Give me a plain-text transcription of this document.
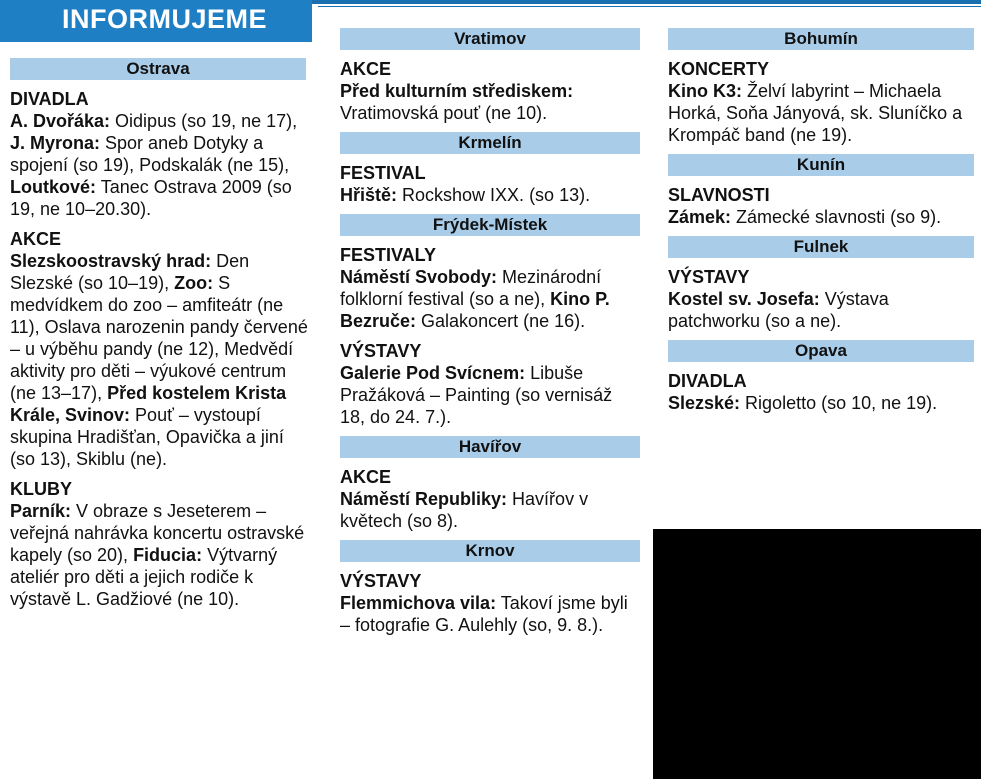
INFORMUJEME
Ostrava
DIVADLA
A. Dvořáka: Oidipus (so 19, ne 17), J. Myrona: Spor aneb Dotyky a spojení (so 19), Podskalák (ne 15), Loutkové: Tanec Ostrava 2009 (so 19, ne 10–20.30).
AKCE
Slezskoostravský hrad: Den Slezské (so 10–19), Zoo: S medvídkem do zoo – amfiteátr (ne 11), Oslava narozenin pandy červené – u výběhu pandy (ne 12), Medvědí aktivity pro děti – výukové centrum (ne 13–17), Před kostelem Krista Krále, Svinov: Pouť – vystoupí skupina Hradišťan, Opavička a jiní (so 13), Skiblu (ne).
KLUBY
Parník: V obraze s Jeseterem – veřejná nahrávka koncertu ostravské kapely (so 20), Fiducia: Výtvarný ateliér pro děti a jejich rodiče k výstavě L. Gadžiové (ne 10).
Vratimov
AKCE
Před kulturním střediskem: Vratimovská pouť (ne 10).
Krmelín
FESTIVAL
Hřiště: Rockshow IXX. (so 13).
Frýdek-Místek
FESTIVALY
Náměstí Svobody: Mezinárodní folklorní festival (so a ne), Kino P. Bezruče: Galakoncert (ne 16).
VÝSTAVY
Galerie Pod Svícnem: Libuše Pražáková – Painting (so vernisáž 18, do 24. 7.).
Havířov
AKCE
Náměstí Republiky: Havířov v květech (so 8).
Krnov
VÝSTAVY
Flemmichova vila: Takoví jsme byli – fotografie G. Aulehly (so, 9. 8.).
Bohumín
KONCERTY
Kino K3: Želví labyrint – Michaela Horká, Soňa Jányová, sk. Sluníčko a Krompáč band (ne 19).
Kunín
SLAVNOSTI
Zámek: Zámecké slavnosti (so 9).
Fulnek
VÝSTAVY
Kostel sv. Josefa: Výstava patchworku (so a ne).
Opava
DIVADLA
Slezské: Rigoletto (so 10, ne 19).
